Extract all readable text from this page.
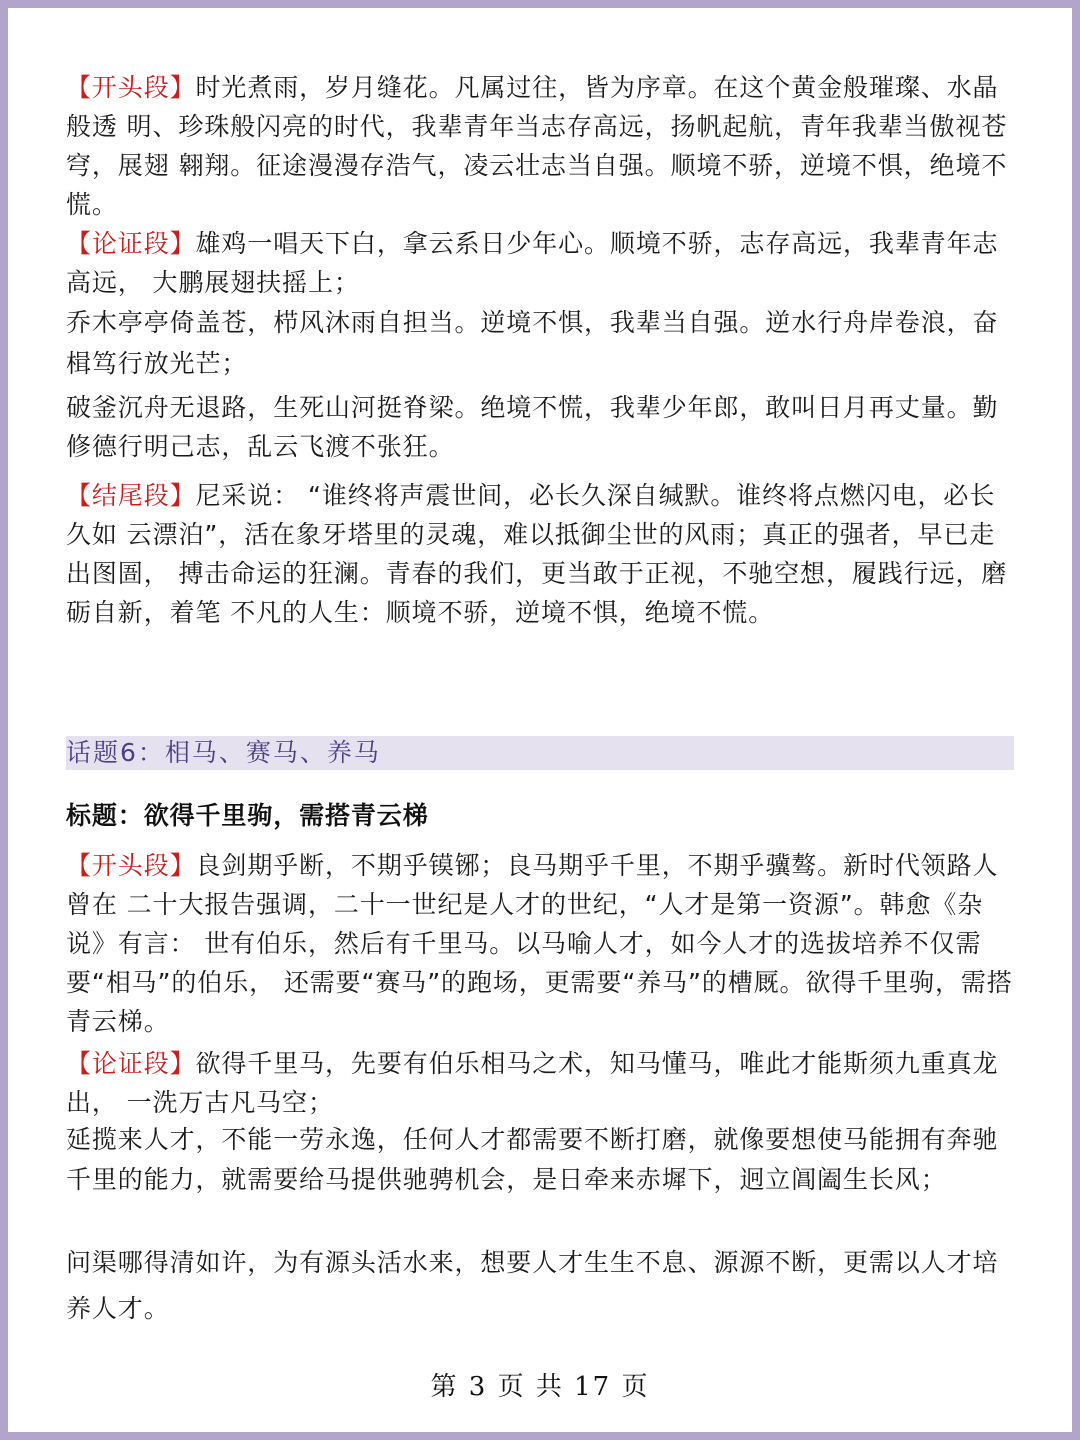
【开头段】时光煮雨，岁月缝花。凡属过往，皆为序章。在这个黄金般璀璨、水晶般透 明、珍珠般闪亮的时代，我辈青年当志存高远，扬帆起航，青年我辈当傲视苍穹，展翅 翱翔。征途漫漫存浩气，凌云壮志当自强。顺境不骄，逆境不惧，绝境不慌。

【论证段】雄鸡一唱天下白，拿云系日少年心。顺境不骄，志存高远，我辈青年志高远， 大鹏展翅扶摇上；

乔木亭亭倚盖苍，栉风沐雨自担当。逆境不惧，我辈当自强。逆水行舟岸卷浪，奋楫笃行放光芒；

破釜沉舟无退路，生死山河挺脊梁。绝境不慌，我辈少年郎，敢叫日月再丈量。勤修德行明己志，乱云飞渡不张狂。

【结尾段】尼采说： “谁终将声震世间，必长久深自缄默。谁终将点燃闪电，必长久如 云漂泊”，活在象牙塔里的灵魂，难以抵御尘世的风雨；真正的强者，早已走出图圄， 搏击命运的狂澜。青春的我们，更当敢于正视，不驰空想，履践行远，磨砺自新，着笔 不凡的人生：顺境不骄，逆境不惧，绝境不慌。

话题6：相马、赛马、养马

标题：欲得千里驹，需搭青云梯

【开头段】良剑期乎断，不期乎镆铘；良马期乎千里，不期乎骥骜。新时代领路人曾在 二十大报告强调，二十一世纪是人才的世纪，“人才是第一资源”。韩愈《杂说》有言： 世有伯乐，然后有千里马。以马喻人才，如今人才的选拔培养不仅需要“相马”的伯乐， 还需要“赛马”的跑场，更需要“养马”的槽厩。欲得千里驹，需搭青云梯。

【论证段】欲得千里马，先要有伯乐相马之术，知马懂马，唯此才能斯须九重真龙出， 一洗万古凡马空；

延揽来人才，不能一劳永逸，任何人才都需要不断打磨，就像要想使马能拥有奔驰千里的能力，就需要给马提供驰骋机会，是日牵来赤墀下，迥立阊阖生长风；

问渠哪得清如许，为有源头活水来，想要人才生生不息、源源不断，更需以人才培养人才。

第 3 页 共 17 页
